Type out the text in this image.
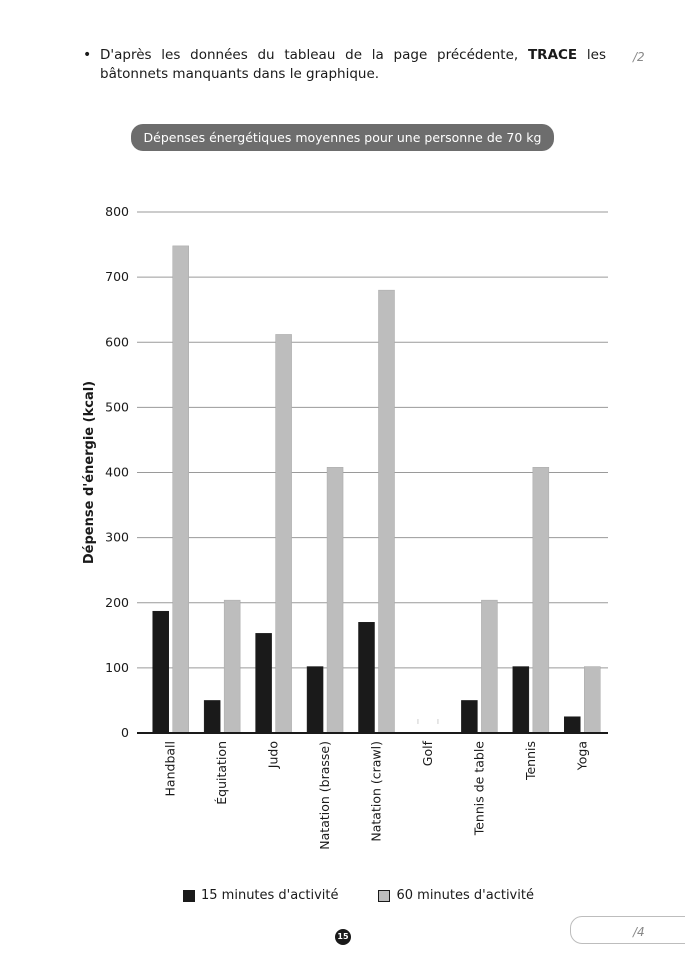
• D'après les données du tableau de la page précédente, TRACE les bâtonnets manquants dans le graphique.
/2
Dépenses énergétiques moyennes pour une personne de 70 kg
0
100
200
300
400
500
600
700
800
Dépense d'énergie (kcal)
Handball	Équitation	Judo	Natation (brasse)	Natation (crawl)	Golf	Tennis de table	Tennis	Yoga
15 minutes d'activité	60 minutes d'activité
15	/4
